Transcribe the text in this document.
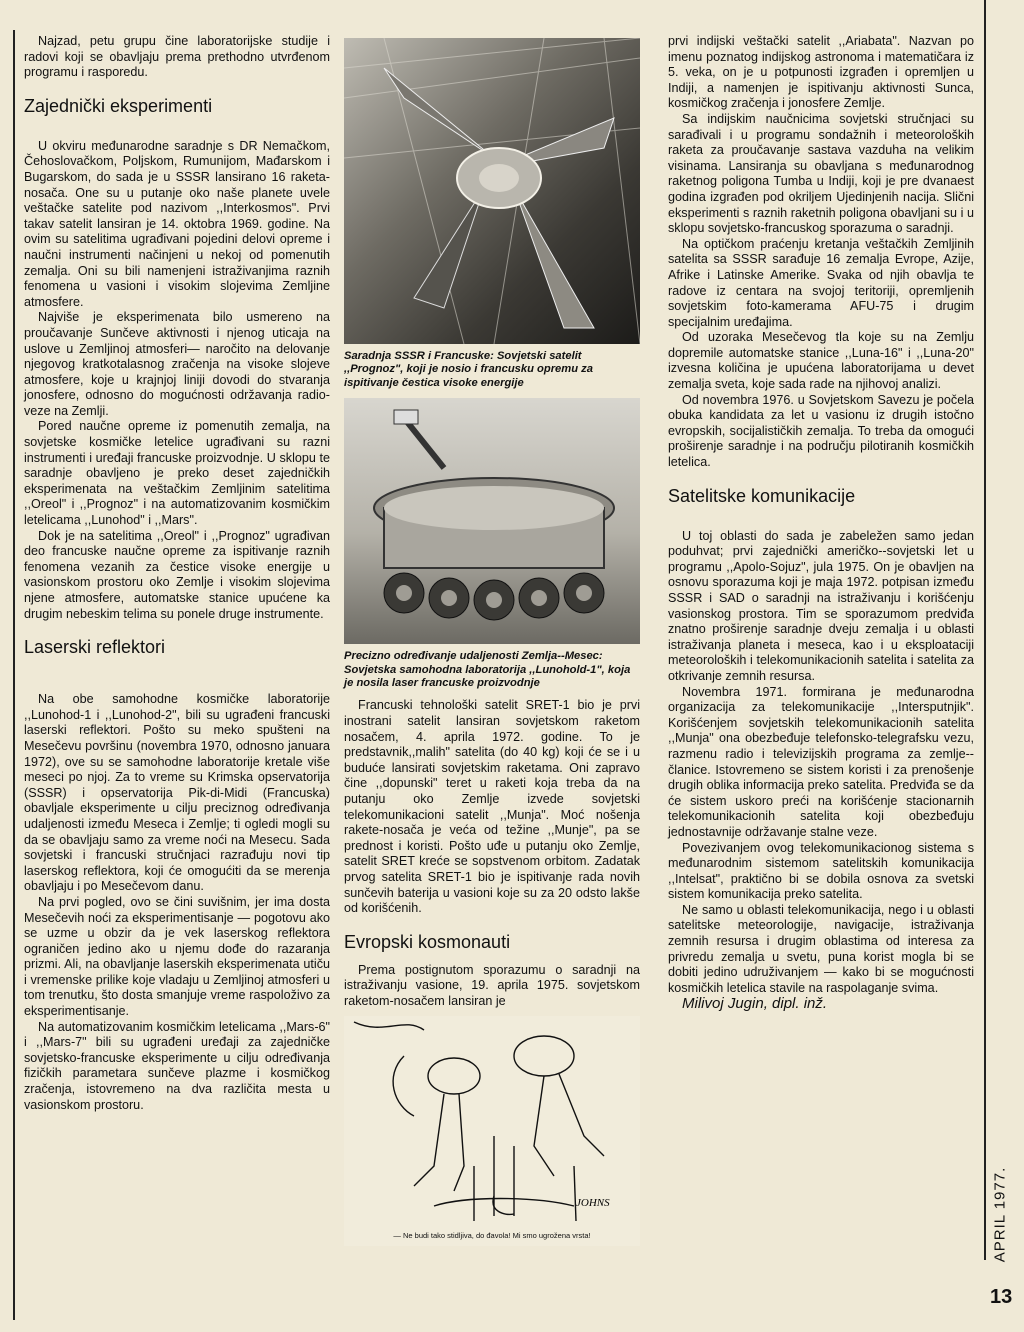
Najzad, petu grupu čine laboratorijske studije i radovi koji se obavljaju prema prethodno utvrđenom programu i rasporedu.

Zajednički eksperimenti

U okviru međunarodne saradnje s DR Nemačkom, Čehoslovačkom, Poljskom, Rumunijom, Mađarskom i Bugarskom, do sada je u SSSR lansirano 16 raketa-nosača. One su u putanje oko naše planete uvele veštačke satelite pod nazivom ,,Interkosmos". Prvi takav satelit lansiran je 14. oktobra 1969. godine. Na ovim su satelitima ugrađivani pojedini delovi opreme i naučni instrumenti načinjeni u nekoj od pomenutih zemalja. Oni su bili namenjeni istraživanjima raznih fenomena u vasioni i visokim slojevima Zemljine atmosfere.

Najviše je eksperimenata bilo usmereno na proučavanje Sunčeve aktivnosti i njenog uticaja na uslove u Zemljinoj atmosferi— naročito na delovanje njegovog kratkotalasnog zračenja na visoke slojeve atmosfere, koje u krajnjoj liniji dovodi do stvaranja jonosfere, odnosno do mogućnosti održavanja radio-veze na Zemlji.

Pored naučne opreme iz pomenutih zemalja, na sovjetske kosmičke letelice ugrađivani su razni instrumenti i uređaji francuske proizvodnje. U sklopu te saradnje obavljeno je preko deset zajedničkih eksperimenata na veštačkim Zemljinim satelitima ,,Oreol" i ,,Prognoz" i na automatizovanim kosmičkim letelicama ,,Lunohod" i ,,Mars".

Dok je na satelitima ,,Oreol" i ,,Prognoz" ugrađivan deo francuske naučne opreme za ispitivanje raznih fenomena vezanih za čestice visoke energije u vasionskom prostoru oko Zemlje i visokim slojevima njene atmosfere, automatske stanice upućene ka drugim nebeskim telima su ponele druge instrumente.

Laserski reflektori

Na obe samohodne kosmičke laboratorije ,,Lunohod-1 i ,,Lunohod-2", bili su ugrađeni francuski laserski reflektori. Pošto su meko spušteni na Mesečevu površinu (novembra 1970, odnosno januara 1972), ove su se samohodne laboratorije kretale više meseci po njoj. Za to vreme su Krimska opservatorija (SSSR) i opservatorija Pik-di-Midi (Francuska) obavljale eksperimente u cilju preciznog određivanja udaljenosti između Meseca i Zemlje; ti ogledi mogli su da se obavljaju samo za vreme noći na Mesecu. Sada sovjetski i francuski stručnjaci razrađuju novi tip laserskog reflektora, koji će omogućiti da se merenja obavljaju i po Mesečevom danu.

Na prvi pogled, ovo se čini suvišnim, jer ima dosta Mesečevih noći za eksperimentisanje — pogotovu ako se uzme u obzir da je vek laserskog reflektora ograničen jedino ako u njemu dođe do razaranja prizmi. Ali, na obavljanje laserskih eksperimenata utiču i vremenske prilike koje vladaju u Zemljinoj atmosferi u tom trenutku, što dosta smanjuje vreme raspoloživo za eksperimentisanje.

Na automatizovanim kosmičkim letelicama ,,Mars-6" i ,,Mars-7" bili su ugrađeni uređaji za zajedničke sovjetsko-francuske eksperimente u cilju određivanja fizičkih parametara sunčeve plazme i kosmičkog zračenja, istovremeno na dva različita mesta u vasionskom prostoru.

Saradnja SSSR i Francuske: Sovjetski satelit ,,Prognoz", koji je nosio i francusku opremu za ispitivanje čestica visoke energije
Precizno određivanje udaljenosti Zemlja--Mesec: Sovjetska samohodna laboratorija ,,Lunohold-1", koja je nosila laser francuske proizvodnje

Francuski tehnološki satelit SRET-1 bio je prvi inostrani satelit lansiran sovjetskom raketom nosačem, 4. aprila 1972. godine. To je predstavnik,,malih" satelita (do 40 kg) koji će se i u buduće lansirati sovjetskim raketama. Oni zapravo čine ,,dopunski" teret u raketi koja treba da na putanju oko Zemlje izvede sovjetski telekomunikacioni satelit ,,Munja". Moć nošenja rakete-nosača je veća od težine ,,Munje", pa se prednost i koristi. Pošto uđe u putanju oko Zemlje, satelit SRET kreće se sopstvenom orbitom. Zadatak prvog satelita SRET-1 bio je ispitivanje rada novih sunčevih baterija u vasioni koje su za 20 odsto lakše od korišćenih.

Evropski kosmonauti

Prema postignutom sporazumu o saradnji na istraživanju vasione, 19. aprila 1975. sovjetskom raketom-nosačem lansiran je

JOHNS
— Ne budi tako stidljiva, do đavola! Mi smo ugrožena vrsta!

prvi indijski veštački satelit ,,Ariabata". Nazvan po imenu poznatog indijskog astronoma i matematičara iz 5. veka, on je u potpunosti izgrađen i opremljen u Indiji, a namenjen je ispitivanju aktivnosti Sunca, kosmičkog zračenja i jonosfere Zemlje.

Sa indijskim naučnicima sovjetski stručnjaci su sarađivali i u programu sondažnih i meteoroloških raketa za proučavanje sastava vazduha na velikim visinama. Lansiranja su obavljana s međunarodnog raketnog poligona Tumba u Indiji, koji je pre dvanaest godina izgrađen pod okriljem Ujedinjenih nacija. Slični eksperimenti s raznih raketnih poligona obavljani su i u sklopu sovjetsko-francuskog sporazuma o saradnji.

Na optičkom praćenju kretanja veštačkih Zemljinih satelita sa SSSR sarađuje 16 zemalja Evrope, Azije, Afrike i Latinske Amerike. Svaka od njih obavlja te radove iz centara na svojoj teritoriji, opremljenih sovjetskim foto-kamerama AFU-75 i drugim specijalnim uređajima.

Od uzoraka Mesečevog tla koje su na Zemlju dopremile automatske stanice ,,Luna-16" i ,,Luna-20" izvesna količina je upućena laboratorijama u devet zemalja sveta, koje sada rade na njihovoj analizi.

Od novembra 1976. u Sovjetskom Savezu je počela obuka kandidata za let u vasionu iz drugih istočno evropskih, socijalističkih zemalja. To treba da omogući proširenje saradnje i na području pilotiranih kosmičkih letelica.

Satelitske komunikacije

U toj oblasti do sada je zabeležen samo jedan poduhvat; prvi zajednički američko--sovjetski let u programu ,,Apolo-Sojuz", jula 1975. On je obavljen na osnovu sporazuma koji je maja 1972. potpisan između SSSR i SAD o saradnji na istraživanju i korišćenju vasionskog prostora. Tim se sporazumom predviđa znatno proširenje saradnje dveju zemalja i u oblasti istraživanja planeta i meseca, kao i u eksploataciji meteoroloških i telekomunikacionih satelita i satelita za otkrivanje zemnih resursa.

Novembra 1971. formirana je međunarodna organizacija za telekomunikacije ,,Intersputnjik". Korišćenjem sovjetskih telekomunikacionih satelita ,,Munja" ona obezbeđuje telefonsko-telegrafsku vezu, razmenu radio i televizijskih programa za zemlje--članice. Istovremeno se sistem koristi i za prenošenje drugih oblika informacija preko satelita. Predviđa se da će sistem uskoro preći na korišćenje stacionarnih telekomunikacionih satelita koji obezbeđuju jednostavnije održavanje stalne veze.

Povezivanjem ovog telekomunikacionog sistema s međunarodnim sistemom satelitskih komunikacija ,,Intelsat", praktično bi se dobila osnova za svetski sistem komunikacija preko satelita.

Ne samo u oblasti telekomunikacija, nego i u oblasti satelitske meteorologije, navigacije, istraživanja zemnih resursa i drugim oblastima od interesa za privredu zemalja u svetu, puna korist mogla bi se dobiti jedino udruživanjem — kako bi se mogućnosti kosmičkih letelica stavile na raspolaganje svima.

Milivoj Jugin, dipl. inž.

APRIL 1977.
13
